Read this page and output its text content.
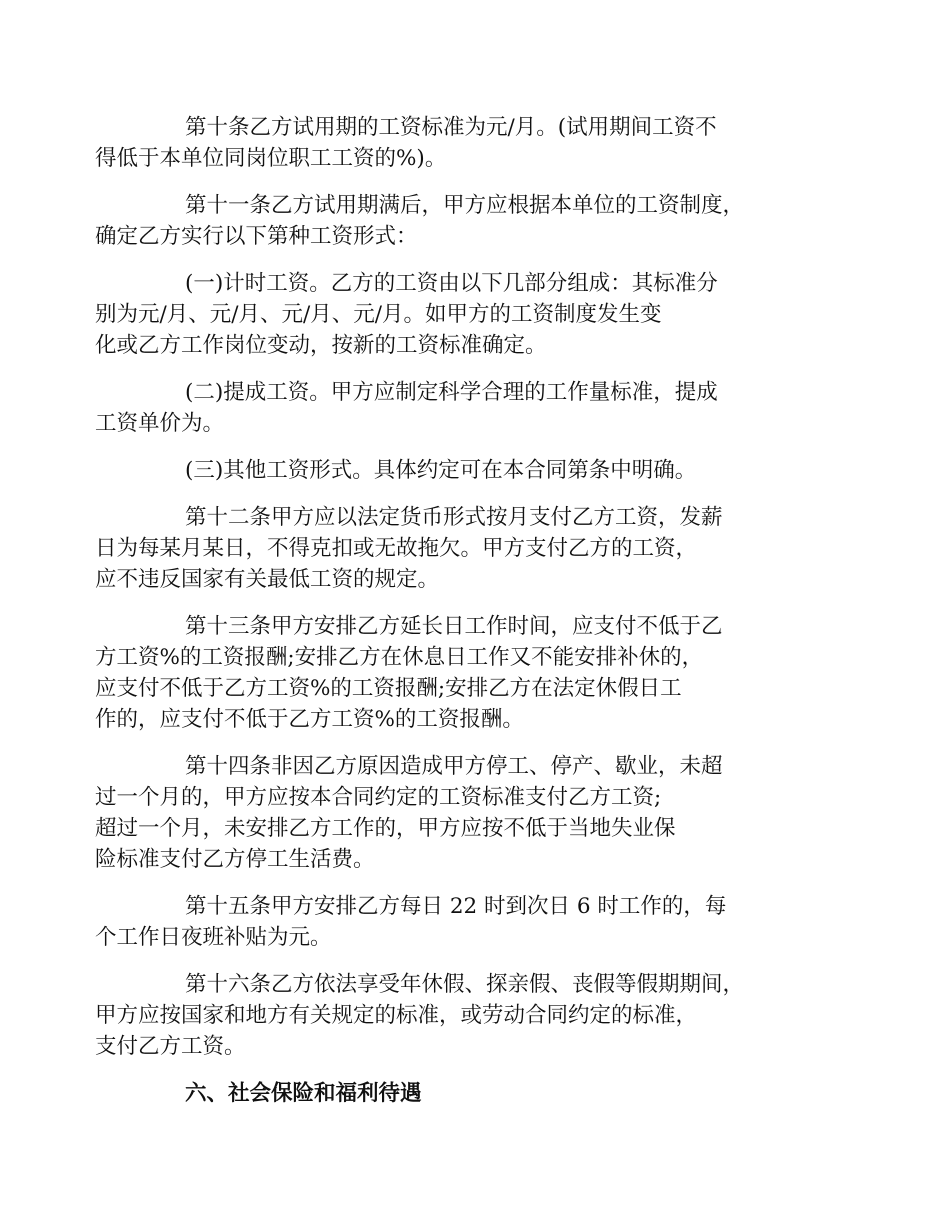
第十条乙方试用期的工资标准为元/月。(试用期间工资不
得低于本单位同岗位职工工资的%)。

第十一条乙方试用期满后，甲方应根据本单位的工资制度，
确定乙方实行以下第种工资形式：

(一)计时工资。乙方的工资由以下几部分组成：其标准分
别为元/月、元/月、元/月、元/月。如甲方的工资制度发生变
化或乙方工作岗位变动，按新的工资标准确定。

(二)提成工资。甲方应制定科学合理的工作量标准，提成
工资单价为。

(三)其他工资形式。具体约定可在本合同第条中明确。

第十二条甲方应以法定货币形式按月支付乙方工资，发薪
日为每某月某日，不得克扣或无故拖欠。甲方支付乙方的工资，
应不违反国家有关最低工资的规定。

第十三条甲方安排乙方延长日工作时间，应支付不低于乙
方工资%的工资报酬;安排乙方在休息日工作又不能安排补休的，
应支付不低于乙方工资%的工资报酬;安排乙方在法定休假日工
作的，应支付不低于乙方工资%的工资报酬。

第十四条非因乙方原因造成甲方停工、停产、歇业，未超
过一个月的，甲方应按本合同约定的工资标准支付乙方工资;
超过一个月，未安排乙方工作的，甲方应按不低于当地失业保
险标准支付乙方停工生活费。

第十五条甲方安排乙方每日 22 时到次日 6 时工作的，每
个工作日夜班补贴为元。

第十六条乙方依法享受年休假、探亲假、丧假等假期期间，
甲方应按国家和地方有关规定的标准，或劳动合同约定的标准，
支付乙方工资。

六、社会保险和福利待遇
